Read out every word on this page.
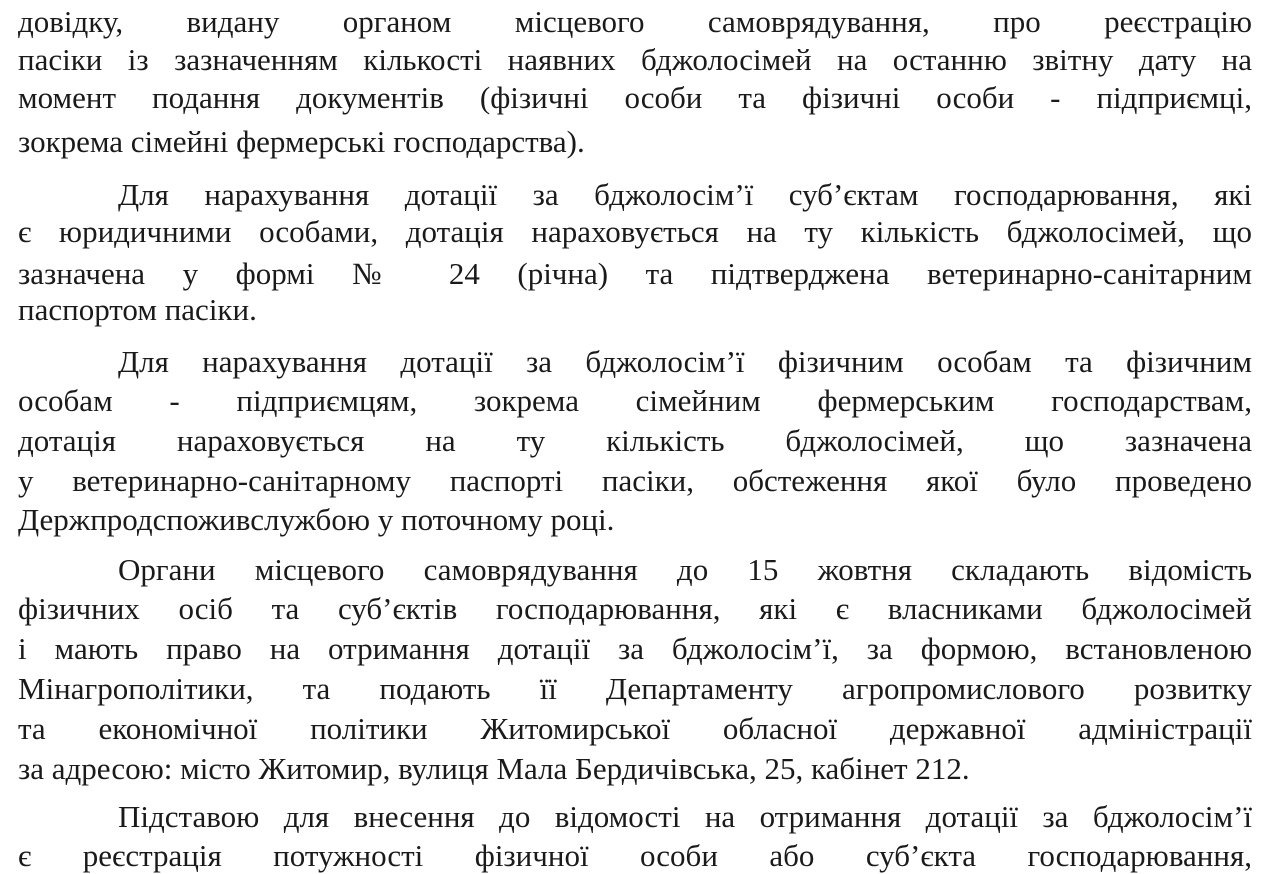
довідку, видану органом місцевого самоврядування, про реєстрацію
пасіки із зазначенням кількості наявних бджолосімей на останню звітну дату на
момент подання документів (фізичні особи та фізичні особи - підприємці,
зокрема сімейні фермерські господарства).
Для нарахування дотації за бджолосім’ї суб’єктам господарювання, які
є юридичними особами, дотація нараховується на ту кількість бджолосімей, що
зазначена у формі № 24 (річна) та підтверджена ветеринарно-санітарним
паспортом пасіки.
Для нарахування дотації за бджолосім’ї фізичним особам та фізичним
особам - підприємцям, зокрема сімейним фермерським господарствам,
дотація нараховується на ту кількість бджолосімей, що зазначена
у ветеринарно-санітарному паспорті пасіки, обстеження якої було проведено
Держпродспоживслужбою у поточному році.
Органи місцевого самоврядування до 15 жовтня складають відомість
фізичних осіб та суб’єктів господарювання, які є власниками бджолосімей
і мають право на отримання дотації за бджолосім’ї, за формою, встановленою
Мінагрополітики, та подають її Департаменту агропромислового розвитку
та економічної політики Житомирської обласної державної адміністрації
за адресою: місто Житомир, вулиця Мала Бердичівська, 25, кабінет 212.
Підставою для внесення до відомості на отримання дотації за бджолосім’ї
є реєстрація потужності фізичної особи або суб’єкта господарювання,
